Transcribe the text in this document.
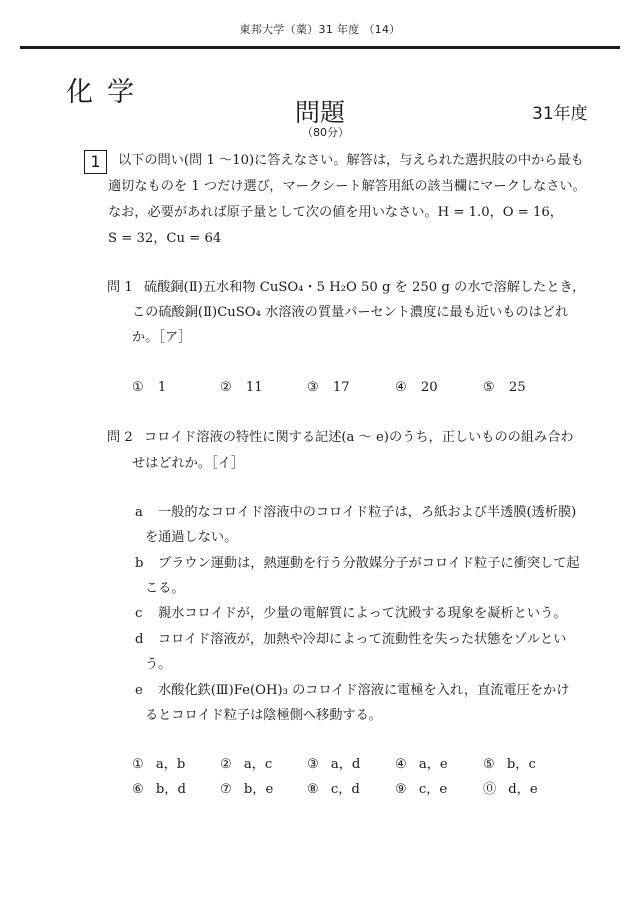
東邦大学（薬）31 年度 （14）
化学
問題
（80分）
31年度
1	以下の問い(問 1 ～10)に答えなさい。解答は，与えられた選択肢の中から最も
適切なものを 1 つだけ選び，マークシート解答用紙の該当欄にマークしなさい。
なお，必要があれば原子量として次の値を用いなさい。H = 1.0，O = 16，
S = 32，Cu = 64
問 1 硫酸銅(Ⅱ)五水和物 CuSO₄・5 H₂O 50 g を 250 g の水で溶解したとき，
この硫酸銅(Ⅱ)CuSO₄ 水溶液の質量パーセント濃度に最も近いものはどれ
か。［ア］
① 1	② 11	③ 17	④ 20	⑤ 25
問 2 コロイド溶液の特性に関する記述(a ～ e)のうち，正しいものの組み合わ
せはどれか。［イ］
a 一般的なコロイド溶液中のコロイド粒子は，ろ紙および半透膜(透析膜)
を通過しない。
b ブラウン運動は，熱運動を行う分散媒分子がコロイド粒子に衝突して起
こる。
c 親水コロイドが，少量の電解質によって沈殿する現象を凝析という。
d コロイド溶液が，加熱や冷却によって流動性を失った状態をゾルとい
う。
e 水酸化鉄(Ⅲ)Fe(OH)₃ のコロイド溶液に電極を入れ，直流電圧をかけ
るとコロイド粒子は陰極側へ移動する。
① a，b	② a，c	③ a，d	④ a，e	⑤ b，c
⑥ b，d	⑦ b，e	⑧ c，d	⑨ c，e	⓪ d，e
